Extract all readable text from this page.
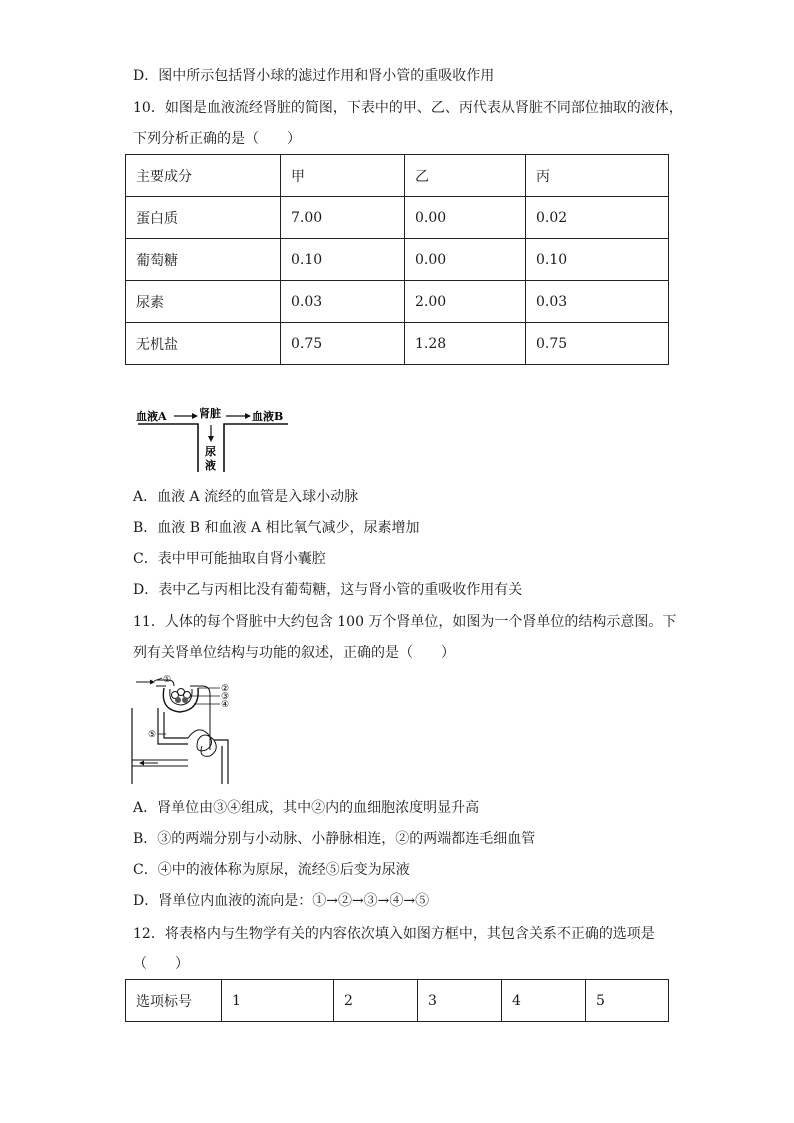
D．图中所示包括肾小球的滤过作用和肾小管的重吸收作用
10．如图是血液流经肾脏的简图，下表中的甲、乙、丙代表从肾脏不同部位抽取的液体，
下列分析正确的是（　　）
主要成分	甲	乙	丙
蛋白质	7.00	0.00	0.02
葡萄糖	0.10	0.00	0.10
尿素	0.03	2.00	0.03
无机盐	0.75	1.28	0.75
血液A	肾脏	血液B
尿
液
A．血液 A 流经的血管是入球小动脉
B．血液 B 和血液 A 相比氧气减少，尿素增加
C．表中甲可能抽取自肾小囊腔
D．表中乙与丙相比没有葡萄糖，这与肾小管的重吸收作用有关
11．人体的每个肾脏中大约包含 100 万个肾单位，如图为一个肾单位的结构示意图。下
列有关肾单位结构与功能的叙述，正确的是（　　）
①
②
③
④
⑤
A．肾单位由③④组成，其中②内的血细胞浓度明显升高
B．③的两端分别与小动脉、小静脉相连，②的两端都连毛细血管
C．④中的液体称为原尿，流经⑤后变为尿液
D．肾单位内血液的流向是：①→②→③→④→⑤
12．将表格内与生物学有关的内容依次填入如图方框中，其包含关系不正确的选项是
（　　）
选项标号	1	2	3	4	5
